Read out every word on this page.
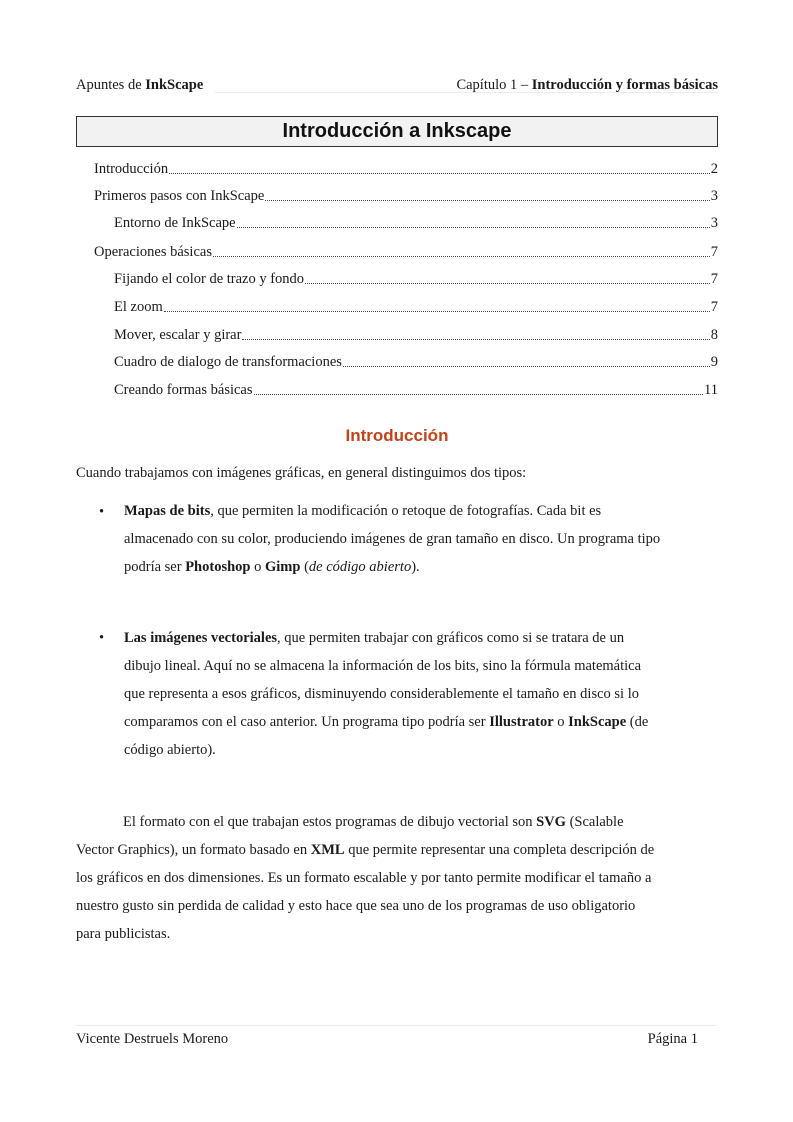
Apuntes de InkScape	Capítulo 1 – Introducción y formas básicas
Introducción a Inkscape
Introducción	2
Primeros pasos con InkScape	3
Entorno de InkScape	3
Operaciones básicas	7
Fijando el color de trazo y fondo	7
El zoom	7
Mover, escalar y girar	8
Cuadro de dialogo de transformaciones	9
Creando formas básicas	11
Introducción
Cuando trabajamos con imágenes gráficas, en general distinguimos dos tipos:
• Mapas de bits, que permiten la modificación o retoque de fotografías. Cada bit es
almacenado con su color, produciendo imágenes de gran tamaño en disco. Un programa tipo
podría ser Photoshop o Gimp (de código abierto).
• Las imágenes vectoriales, que permiten trabajar con gráficos como si se tratara de un
dibujo lineal. Aquí no se almacena la información de los bits, sino la fórmula matemática
que representa a esos gráficos, disminuyendo considerablemente el tamaño en disco si lo
comparamos con el caso anterior. Un programa tipo podría ser Illustrator o InkScape (de
código abierto).
El formato con el que trabajan estos programas de dibujo vectorial son SVG (Scalable
Vector Graphics), un formato basado en XML que permite representar una completa descripción de
los gráficos en dos dimensiones. Es un formato escalable y por tanto permite modificar el tamaño a
nuestro gusto sin perdida de calidad y esto hace que sea uno de los programas de uso obligatorio
para publicistas.
Vicente Destruels Moreno	Página 1
